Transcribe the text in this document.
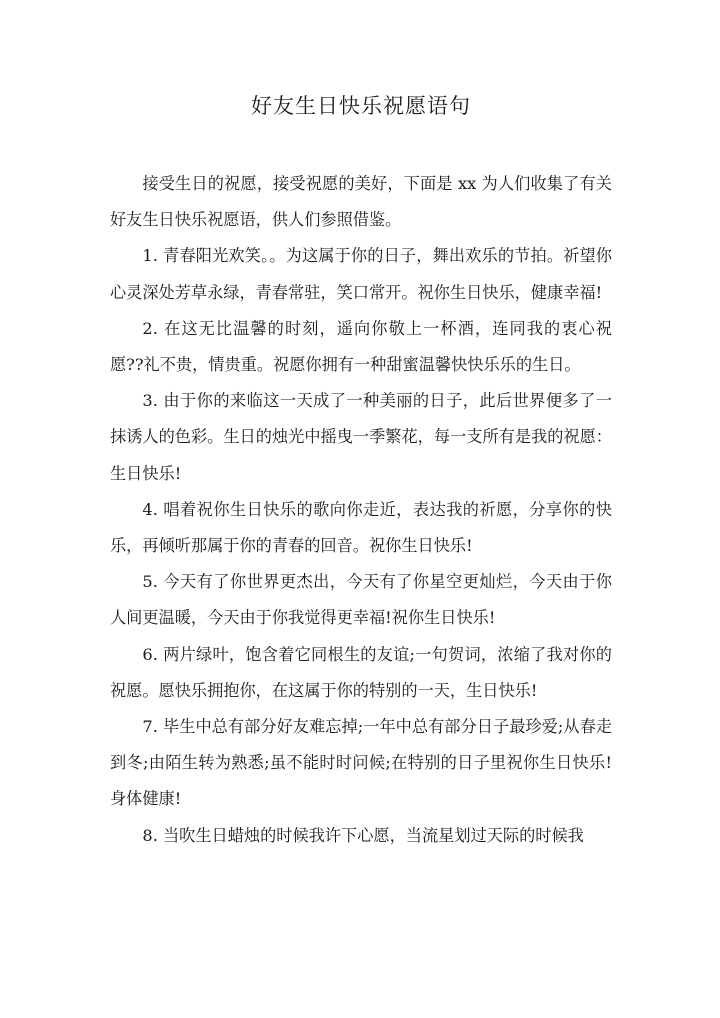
好友生日快乐祝愿语句

接受生日的祝愿，接受祝愿的美好，下面是 xx 为人们收集了有关好友生日快乐祝愿语，供人们参照借鉴。

1. 青春阳光欢笑。。为这属于你的日子，舞出欢乐的节拍。祈望你心灵深处芳草永绿，青春常驻，笑口常开。祝你生日快乐，健康幸福!

2. 在这无比温馨的时刻，遥向你敬上一杯酒，连同我的衷心祝愿??礼不贵，情贵重。祝愿你拥有一种甜蜜温馨快快乐乐的生日。

3. 由于你的来临这一天成了一种美丽的日子，此后世界便多了一抹诱人的色彩。生日的烛光中摇曳一季繁花，每一支所有是我的祝愿：生日快乐!

4. 唱着祝你生日快乐的歌向你走近，表达我的祈愿，分享你的快乐，再倾听那属于你的青春的回音。祝你生日快乐!

5. 今天有了你世界更杰出，今天有了你星空更灿烂，今天由于你人间更温暖，今天由于你我觉得更幸福!祝你生日快乐!

6. 两片绿叶，饱含着它同根生的友谊;一句贺词，浓缩了我对你的祝愿。愿快乐拥抱你，在这属于你的特别的一天，生日快乐!

7. 毕生中总有部分好友难忘掉;一年中总有部分日子最珍爱;从春走到冬;由陌生转为熟悉;虽不能时时问候;在特别的日子里祝你生日快乐!身体健康!

8. 当吹生日蜡烛的时候我许下心愿，当流星划过天际的时候我
